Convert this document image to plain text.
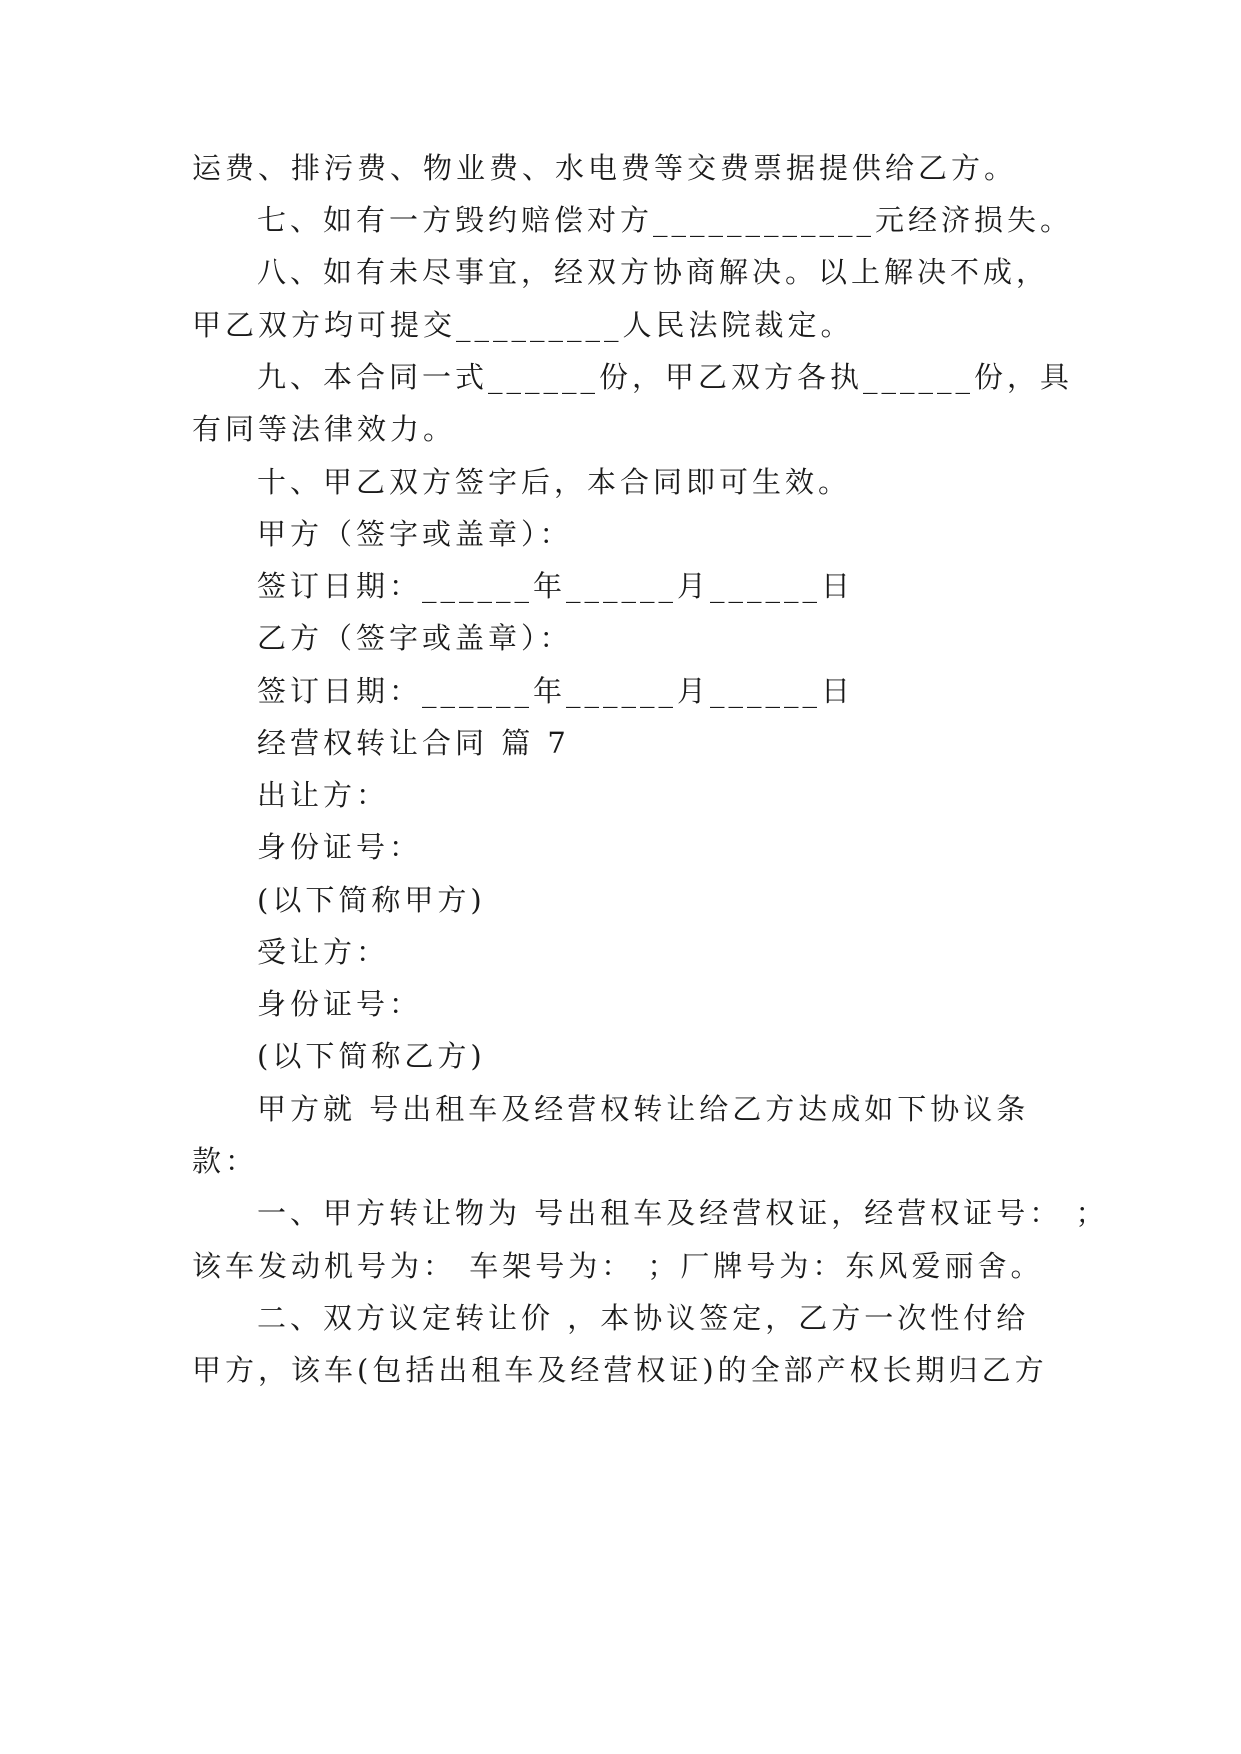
运费、排污费、物业费、水电费等交费票据提供给乙方。
七、如有一方毁约赔偿对方____________元经济损失。
八、如有未尽事宜，经双方协商解决。以上解决不成，
甲乙双方均可提交_________人民法院裁定。
九、本合同一式______份，甲乙双方各执______份，具
有同等法律效力。
十、甲乙双方签字后，本合同即可生效。
甲方（签字或盖章）：
签订日期：______年______月______日
乙方（签字或盖章）：
签订日期：______年______月______日
经营权转让合同 篇 7
出让方：
身份证号：
(以下简称甲方)
受让方：
身份证号：
(以下简称乙方)
甲方就 号出租车及经营权转让给乙方达成如下协议条
款：
一、甲方转让物为 号出租车及经营权证，经营权证号： ；
该车发动机号为： 车架号为： ；厂牌号为：东风爱丽舍。
二、双方议定转让价 ，本协议签定，乙方一次性付给
甲方，该车(包括出租车及经营权证)的全部产权长期归乙方
